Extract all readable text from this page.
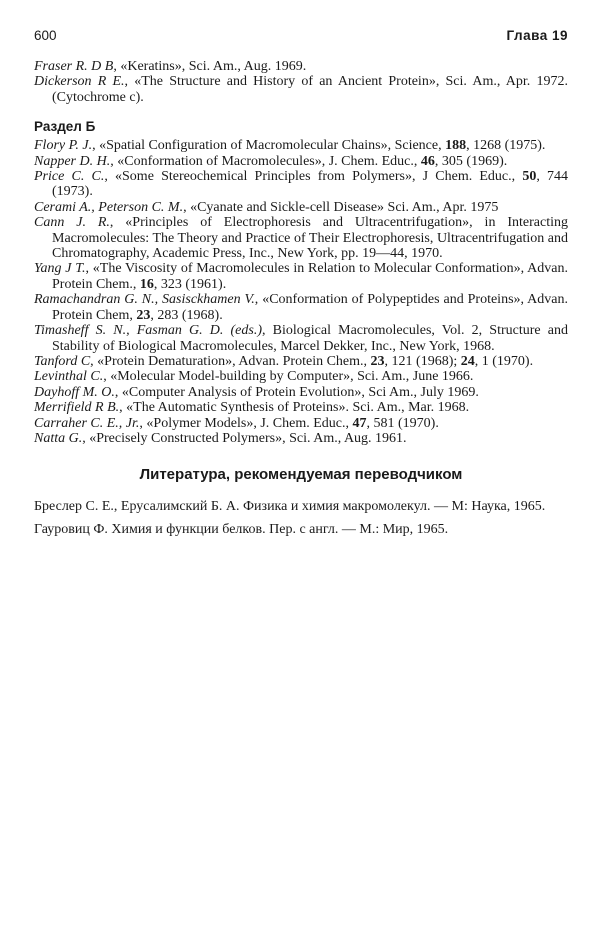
600	Глава 19

Fraser R. D B, «Keratins», Sci. Am., Aug. 1969.

Dickerson R E., «The Structure and History of an Ancient Protein», Sci. Am., Apr. 1972. (Cytochrome c).

Раздел Б

Flory P. J., «Spatial Configuration of Macromolecular Chains», Science, 188, 1268 (1975).

Napper D. H., «Conformation of Macromolecules», J. Chem. Educ., 46, 305 (1969).

Price C. C., «Some Stereochemical Principles from Polymers», J Chem. Educ., 50, 744 (1973).

Cerami A., Peterson C. M., «Cyanate and Sickle-cell Disease» Sci. Am., Apr. 1975

Cann J. R., «Principles of Electrophoresis and Ultracentrifugation», in Interacting Macromolecules: The Theory and Practice of Their Electrophoresis, Ultracentrifugation and Chromatography, Academic Press, Inc., New York, pp. 19—44, 1970.

Yang J T., «The Viscosity of Macromolecules in Relation to Molecular Conformation», Advan. Protein Chem., 16, 323 (1961).

Ramachandran G. N., Sasisckhamen V., «Conformation of Polypeptides and Proteins», Advan. Protein Chem, 23, 283 (1968).

Timasheff S. N., Fasman G. D. (eds.), Biological Macromolecules, Vol. 2, Structure and Stability of Biological Macromolecules, Marcel Dekker, Inc., New York, 1968.

Tanford C, «Protein Dematuration», Advan. Protein Chem., 23, 121 (1968); 24, 1 (1970).

Levinthal C., «Molecular Model-building by Computer», Sci. Am., June 1966.

Dayhoff M. O., «Computer Analysis of Protein Evolution», Sci Am., July 1969.

Merrifield R B., «The Automatic Synthesis of Proteins». Sci. Am., Mar. 1968.

Carraher C. E., Jr., «Polymer Models», J. Chem. Educ., 47, 581 (1970).

Natta G., «Precisely Constructed Polymers», Sci. Am., Aug. 1961.

Литература, рекомендуемая переводчиком

Бреслер С. Е., Ерусалимский Б. А. Физика и химия макромолекул. — М: Наука, 1965.

Гауровиц Ф. Химия и функции белков. Пер. с англ. — М.: Мир, 1965.
